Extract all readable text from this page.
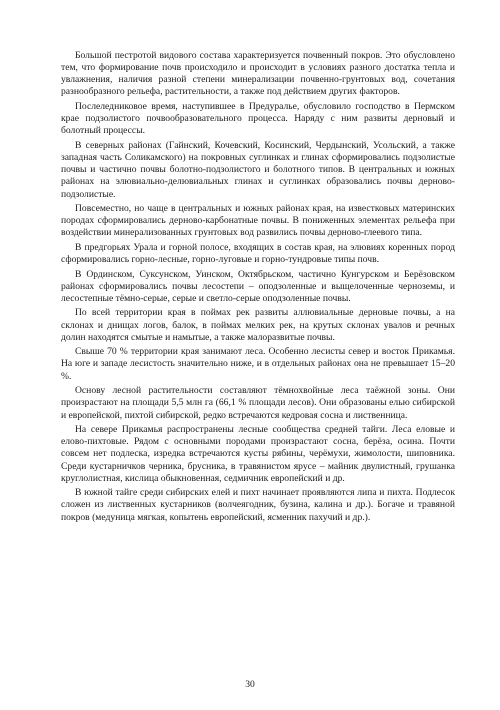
Большой пестротой видового состава характеризуется почвенный покров. Это обусловлено тем, что формирование почв происходило и происходит в условиях разного достатка тепла и увлажнения, наличия разной степени минерализации почвенно-грунтовых вод, сочетания разнообразного рельефа, растительности, а также под действием других факторов.

Послеледниковое время, наступившее в Предуралье, обусловило господство в Пермском крае подзолистого почвообразовательного процесса. Наряду с ним развиты дерновый и болотный процессы.

В северных районах (Гайнский, Кочевский, Косинский, Чердынский, Усольский, а также западная часть Соликамского) на покровных суглинках и глинах сформировались подзолистые почвы и частично почвы болотно-подзолистого и болотного типов. В центральных и южных районах на элювиально-делювиальных глинах и суглинках образовались почвы дерново-подзолистые.

Повсеместно, но чаще в центральных и южных районах края, на известковых материнских породах сформировались дерново-карбонатные почвы. В пониженных элементах рельефа при воздействии минерализованных грунтовых вод развились почвы дерново-глеевого типа.

В предгорьях Урала и горной полосе, входящих в состав края, на элювиях коренных пород сформировались горно-лесные, горно-луговые и горно-тундровые типы почв.

В Ординском, Суксунском, Уинском, Октябрьском, частично Кунгурском и Берёзовском районах сформировались почвы лесостепи – оподзоленные и выщелоченные черноземы, и лесостепные тёмно-серые, серые и светло-серые оподзоленные почвы.

По всей территории края в поймах рек развиты аллювиальные дерновые почвы, а на склонах и днищах логов, балок, в поймах мелких рек, на крутых склонах увалов и речных долин находятся смытые и намытые, а также малоразвитые почвы.

Свыше 70 % территории края занимают леса. Особенно лесисты север и восток Прикамья. На юге и западе лесистость значительно ниже, и в отдельных районах она не превышает 15–20 %.

Основу лесной растительности составляют тёмнохвойные леса таёжной зоны. Они произрастают на площади 5,5 млн га (66,1 % площади лесов). Они образованы елью сибирской и европейской, пихтой сибирской, редко встречаются кедровая сосна и лиственница.

На севере Прикамья распространены лесные сообщества средней тайги. Леса еловые и елово-пихтовые. Рядом с основными породами произрастают сосна, берёза, осина. Почти совсем нет подлеска, изредка встречаются кусты рябины, черёмухи, жимолости, шиповника. Среди кустарничков черника, брусника, в травянистом ярусе – майник двулистный, грушанка круглолистная, кислица обыкновенная, седмичник европейский и др.

В южной тайге среди сибирских елей и пихт начинает проявляются липа и пихта. Подлесок сложен из лиственных кустарников (волчеягодник, бузина, калина и др.). Богаче и травяной покров (медуница мягкая, копытень европейский, ясменник пахучий и др.).

30
